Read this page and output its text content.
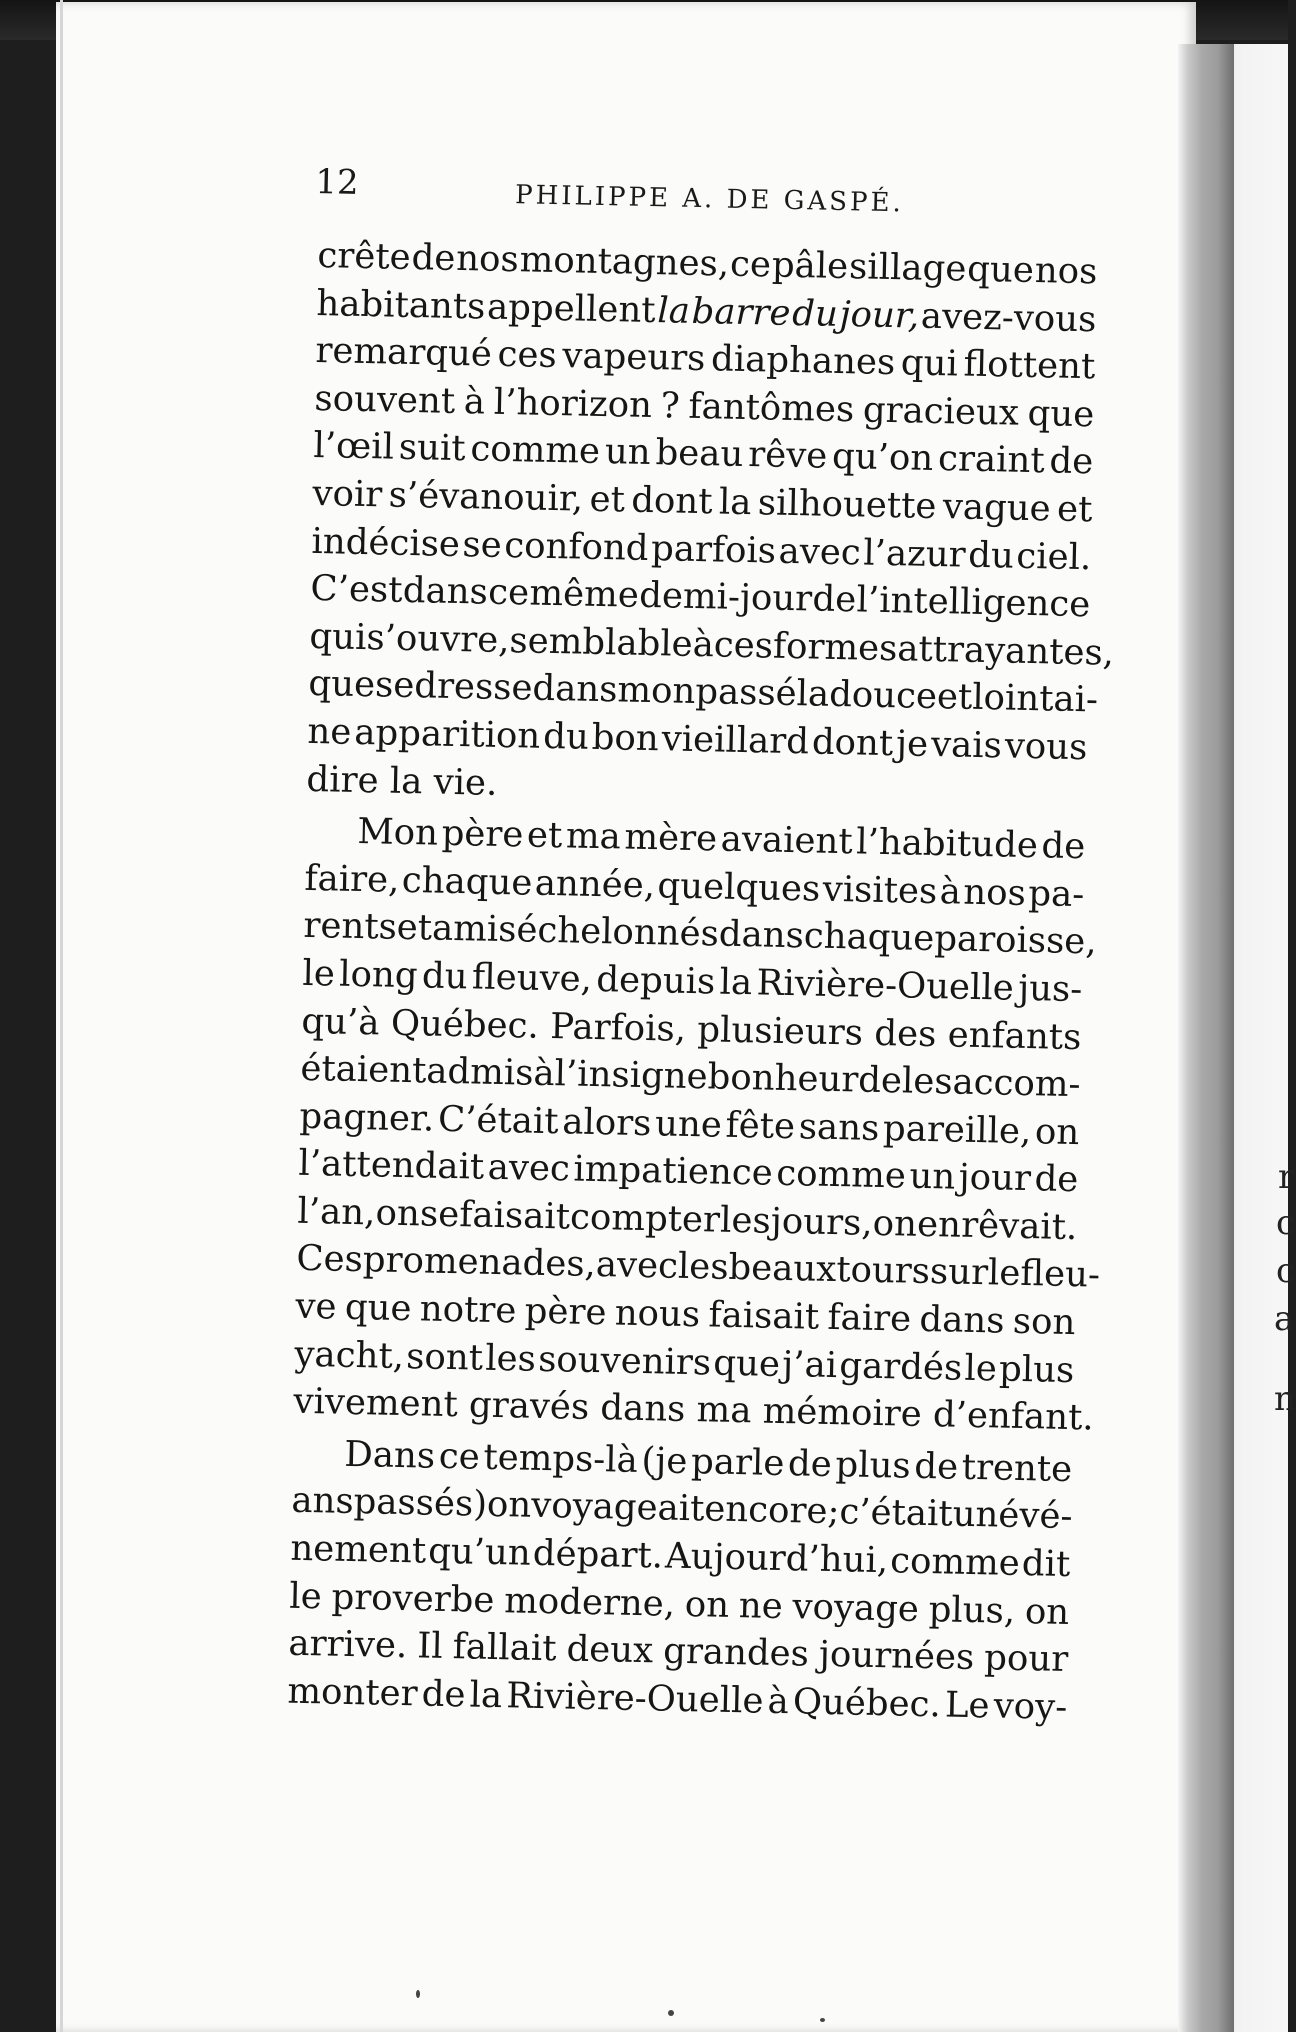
r
c
c
a
n
12	PHILIPPE A. DE GASPÉ.
crête de nos montagnes, ce pâle sillage que nos
habitants appellent la barre du jour, avez-vous
remarqué ces vapeurs diaphanes qui flottent
souvent à l’horizon ? fantômes gracieux que
l’œil suit comme un beau rêve qu’on craint de
voir s’évanouir, et dont la silhouette vague et
indécise se confond parfois avec l’azur du ciel.
C’est dans ce même demi-jour de l’intelligence
qui s’ouvre, semblable à ces formes attrayantes,
que se dresse dans mon passé la douce et lointai-
ne apparition du bon vieillard dont je vais vous
dire la vie.
Mon père et ma mère avaient l’habitude de
faire, chaque année, quelques visites à nos pa-
rents et amis échelonnés dans chaque paroisse,
le long du fleuve, depuis la Rivière-Ouelle jus-
qu’à Québec. Parfois, plusieurs des enfants
étaient admis à l’insigne bonheur de les accom-
pagner. C’était alors une fête sans pareille, on
l’attendait avec impatience comme un jour de
l’an, on se faisait compter les jours, on en rêvait.
Ces promenades, avec les beaux tours sur le fleu-
ve que notre père nous faisait faire dans son
yacht, sont les souvenirs que j’ai gardés le plus
vivement gravés dans ma mémoire d’enfant.
Dans ce temps-là (je parle de plus de trente
ans passés) on voyageait encore ; c’était un évé-
nement qu’un départ. Aujourd’hui, comme dit
le proverbe moderne, on ne voyage plus, on
arrive. Il fallait deux grandes journées pour
monter de la Rivière-Ouelle à Québec. Le voy-
